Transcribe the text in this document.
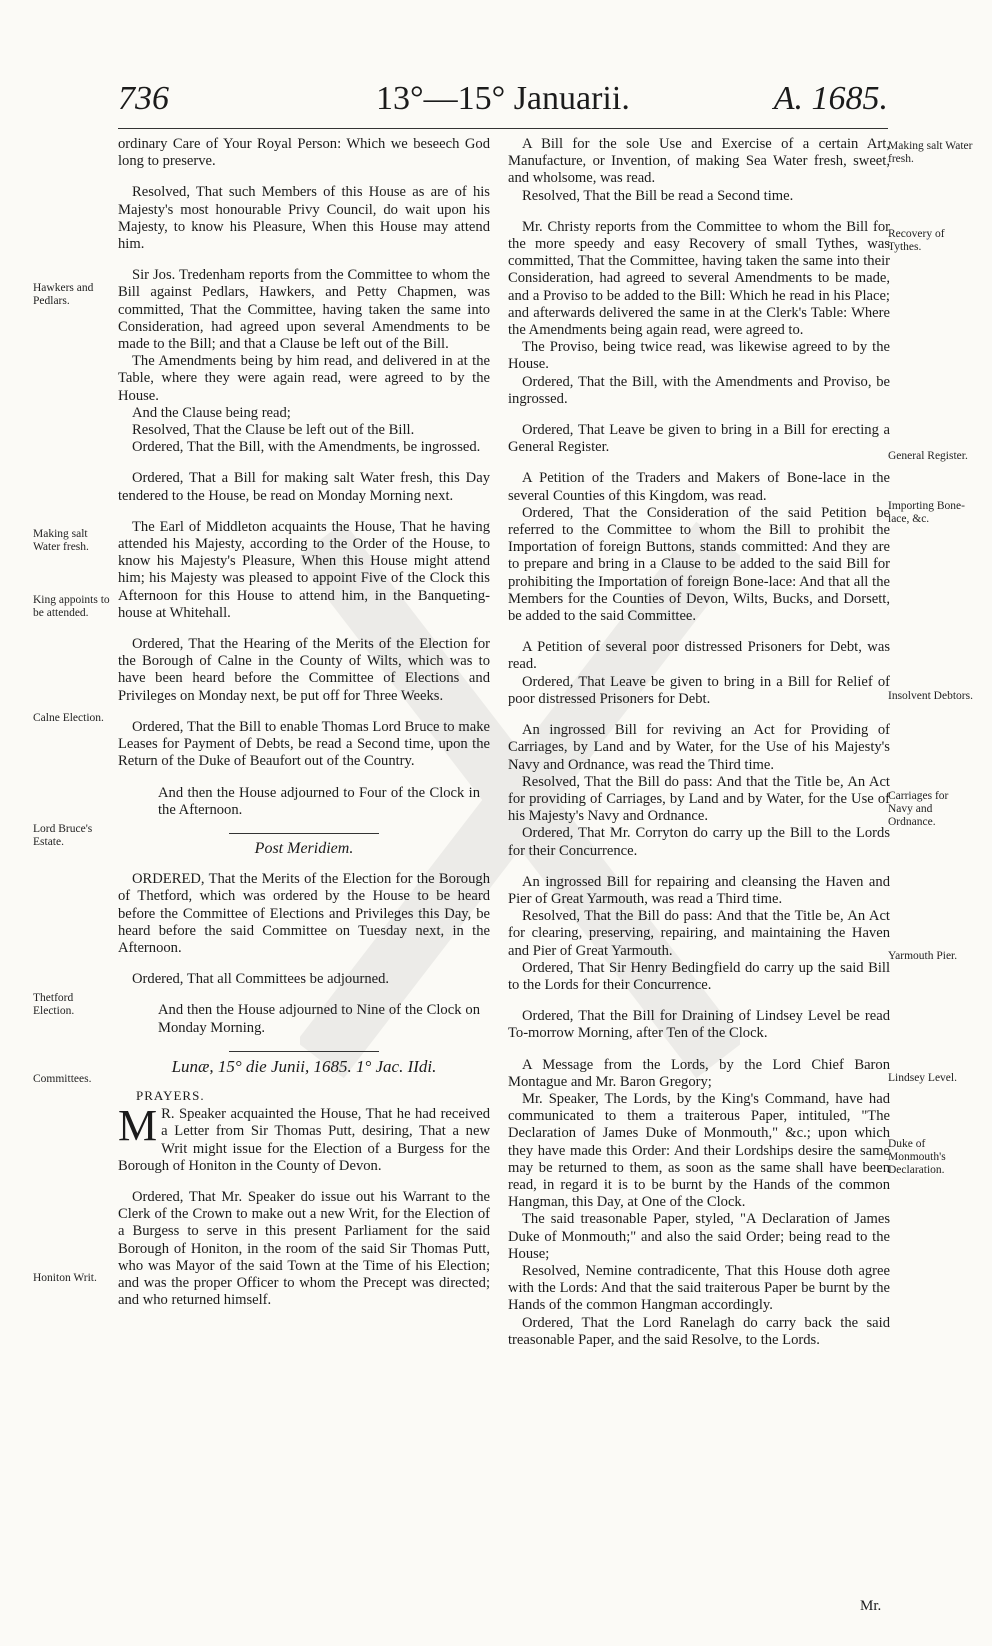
736	13°—15° Januarii.	A. 1685.

ordinary Care of Your Royal Person: Which we beseech God long to preserve.

Resolved, That such Members of this House as are of his Majesty's most honourable Privy Council, do wait upon his Majesty, to know his Pleasure, When this House may attend him.

Sir Jos. Tredenham reports from the Committee to whom the Bill against Pedlars, Hawkers, and Petty Chapmen, was committed, That the Committee, having taken the same into Consideration, had agreed upon several Amendments to be made to the Bill; and that a Clause be left out of the Bill.
The Amendments being by him read, and delivered in at the Table, where they were again read, were agreed to by the House.
And the Clause being read;
Resolved, That the Clause be left out of the Bill.
Ordered, That the Bill, with the Amendments, be ingrossed.

Ordered, That a Bill for making salt Water fresh, this Day tendered to the House, be read on Monday Morning next.

The Earl of Middleton acquaints the House, That he having attended his Majesty, according to the Order of the House, to know his Majesty's Pleasure, When this House might attend him; his Majesty was pleased to appoint Five of the Clock this Afternoon for this House to attend him, in the Banqueting-house at Whitehall.

Ordered, That the Hearing of the Merits of the Election for the Borough of Calne in the County of Wilts, which was to have been heard before the Committee of Elections and Privileges on Monday next, be put off for Three Weeks.

Ordered, That the Bill to enable Thomas Lord Bruce to make Leases for Payment of Debts, be read a Second time, upon the Return of the Duke of Beaufort out of the Country.

And then the House adjourned to Four of the Clock in the Afternoon.

Post Meridiem.

ORDERED, That the Merits of the Election for the Borough of Thetford, which was ordered by the House to be heard before the Committee of Elections and Privileges this Day, be heard before the said Committee on Tuesday next, in the Afternoon.

Ordered, That all Committees be adjourned.

And then the House adjourned to Nine of the Clock on Monday Morning.

Lunæ, 15° die Junii, 1685. 1° Jac. IIdi.

PRAYERS.

M R. Speaker acquainted the House, That he had received a Letter from Sir Thomas Putt, desiring, That a new Writ might issue for the Election of a Burgess for the Borough of Honiton in the County of Devon.

Ordered, That Mr. Speaker do issue out his Warrant to the Clerk of the Crown to make out a new Writ, for the Election of a Burgess to serve in this present Parliament for the said Borough of Honiton, in the room of the said Sir Thomas Putt, who was Mayor of the said Town at the Time of his Election; and was the proper Officer to whom the Precept was directed; and who returned himself.

A Bill for the sole Use and Exercise of a certain Art, Manufacture, or Invention, of making Sea Water fresh, sweet, and wholsome, was read.
Resolved, That the Bill be read a Second time.
Mr. Christy reports from the Committee to whom the Bill for the more speedy and easy Recovery of small Tythes, was committed, That the Committee, having taken the same into their Consideration, had agreed to several Amendments to be made, and a Proviso to be added to the Bill: Which he read in his Place; and afterwards delivered the same in at the Clerk's Table: Where the Amendments being again read, were agreed to.
The Proviso, being twice read, was likewise agreed to by the House.
Ordered, That the Bill, with the Amendments and Proviso, be ingrossed.

Ordered, That Leave be given to bring in a Bill for erecting a General Register.

A Petition of the Traders and Makers of Bone-lace in the several Counties of this Kingdom, was read.
Ordered, That the Consideration of the said Petition be referred to the Committee to whom the Bill to prohibit the Importation of foreign Buttons, stands committed: And they are to prepare and bring in a Clause to be added to the said Bill for prohibiting the Importation of foreign Bone-lace: And that all the Members for the Counties of Devon, Wilts, Bucks, and Dorsett, be added to the said Committee.
A Petition of several poor distressed Prisoners for Debt, was read.
Ordered, That Leave be given to bring in a Bill for Relief of poor distressed Prisoners for Debt.
An ingrossed Bill for reviving an Act for Providing of Carriages, by Land and by Water, for the Use of his Majesty's Navy and Ordnance, was read the Third time.
Resolved, That the Bill do pass: And that the Title be, An Act for providing of Carriages, by Land and by Water, for the Use of his Majesty's Navy and Ordnance.
Ordered, That Mr. Corryton do carry up the Bill to the Lords for their Concurrence.
An ingrossed Bill for repairing and cleansing the Haven and Pier of Great Yarmouth, was read a Third time.
Resolved, That the Bill do pass: And that the Title be, An Act for clearing, preserving, repairing, and maintaining the Haven and Pier of Great Yarmouth.
Ordered, That Sir Henry Bedingfield do carry up the said Bill to the Lords for their Concurrence.

Ordered, That the Bill for Draining of Lindsey Level be read To-morrow Morning, after Ten of the Clock.

A Message from the Lords, by the Lord Chief Baron Montague and Mr. Baron Gregory;
Mr. Speaker, The Lords, by the King's Command, have had communicated to them a traiterous Paper, intituled, "The Declaration of James Duke of Monmouth," &c.; upon which they have made this Order: And their Lordships desire the same may be returned to them, as soon as the same shall have been read, in regard it is to be burnt by the Hands of the common Hangman, this Day, at One of the Clock.
The said treasonable Paper, styled, "A Declaration of James Duke of Monmouth;" and also the said Order; being read to the House;
Resolved, Nemine contradicente, That this House doth agree with the Lords: And that the said traiterous Paper be burnt by the Hands of the common Hangman accordingly.
Ordered, That the Lord Ranelagh do carry back the said treasonable Paper, and the said Resolve, to the Lords.
Hawkers and Pedlars.
Making salt Water fresh.
King appoints to be attended.
Calne Election.
Lord Bruce's Estate.
Thetford Election.
Committees.
Honiton Writ.
Making salt Water fresh.
Recovery of Tythes.
General Register.
Importing Bone-lace, &c.
Insolvent Debtors.
Carriages for Navy and Ordnance.
Yarmouth Pier.
Lindsey Level.
Duke of Monmouth's Declaration.
Mr.
